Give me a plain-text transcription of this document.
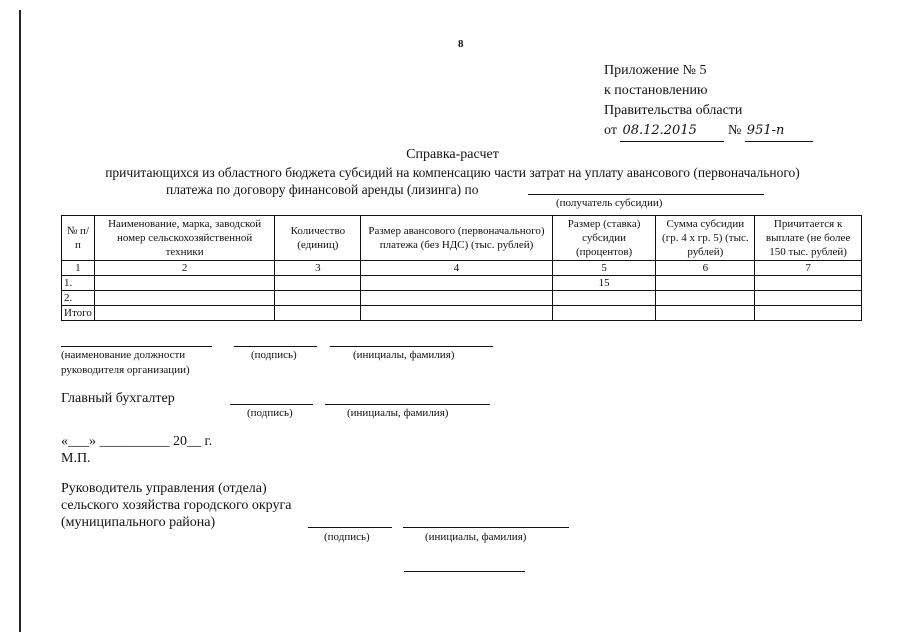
8
Приложение № 5
к постановлению
Правительства области
от 08.12.2015 № 951-п
Справка-расчет
причитающихся из областного бюджета субсидий на компенсацию части затрат на уплату авансового (первоначального)
платежа по договору финансовой аренды (лизинга) по
(получатель субсидии)
№ п/п	Наименование, марка, заводской номер сельскохозяйственной техники	Количество (единиц)	Размер авансового (первоначального) платежа (без НДС) (тыс. рублей)	Размер (ставка) субсидии (процентов)	Сумма субсидии (гр. 4 х гр. 5) (тыс. рублей)	Причитается к выплате (не более 150 тыс. рублей)
1	2	3	4	5	6	7
1.				15		
2.						
Итого						
(наименование должности
руководителя организации)
(подпись)	(инициалы, фамилия)
Главный бухгалтер
(подпись)	(инициалы, фамилия)
«___» __________ 20__ г.
М.П.
Руководитель управления (отдела)
сельского хозяйства городского округа
(муниципального района)
(подпись)	(инициалы, фамилия)
